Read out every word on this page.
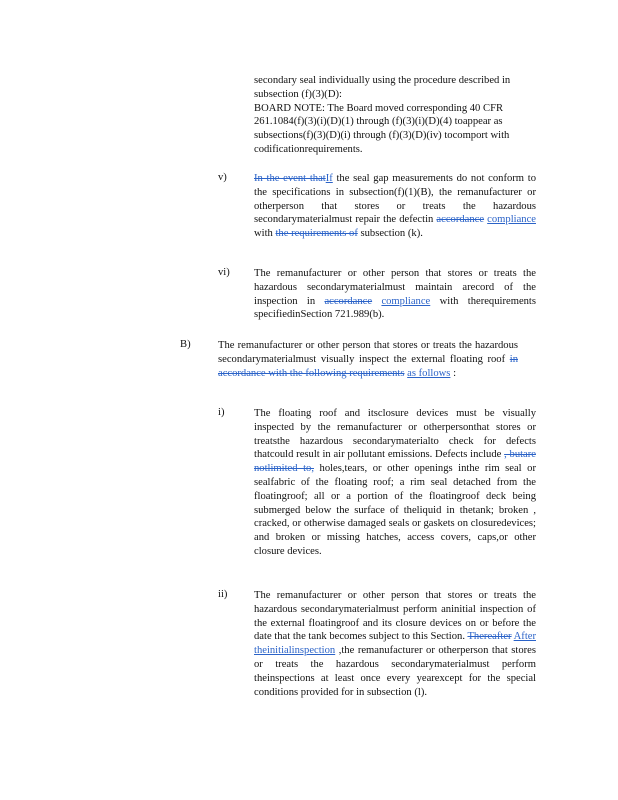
secondary seal individually using the procedure described in subsection (f)(3)(D):
BOARD NOTE: The Board moved corresponding 40 CFR 261.1084(f)(3)(i)(D)(1) through (f)(3)(i)(D)(4) toappear as subsections(f)(3)(D)(i) through (f)(3)(D)(iv) tocomport with codificationrequirements.
v)	In the event thatIf the seal gap measurements do not conform to the specifications in subsection(f)(1)(B), the remanufacturer or otherperson that stores or treats the hazardous secondarymaterialmust repair the defectin accordance compliance with the requirements of subsection (k).
vi) The remanufacturer or other person that stores or treats the hazardous secondarymaterialmust maintain arecord of the inspection in accordance compliance with therequirements specifiedinSection 721.989(b).
B)	The remanufacturer or other person that stores or treats the hazardous secondarymaterialmust visually inspect the external floating roof in accordance with the following requirements as follows :
i)	The floating roof and itsclosure devices must be visually inspected by the remanufacturer or otherpersonthat stores or treatsthe hazardous secondarymaterialto check for defects thatcould result in air pollutant emissions. Defects include , butare notlimited to, holes,tears, or other openings inthe rim seal or sealfabric of the floating roof; a rim seal detached from the floatingroof; all or a portion of the floatingroof deck being submerged below the surface of theliquid in thetank; broken , cracked, or otherwise damaged seals or gaskets on closuredevices; and broken or missing hatches, access covers, caps,or other closure devices.
ii)	The remanufacturer or other person that stores or treats the hazardous secondarymaterialmust perform aninitial inspection of the external floatingroof and its closure devices on or before the date that the tank becomes subject to this Section. Thereafter After theinitialinspection ,the remanufacturer or otherperson that stores or treats the hazardous secondarymaterialmust perform theinspections at least once every yearexcept for the special conditions provided for in subsection (l).
